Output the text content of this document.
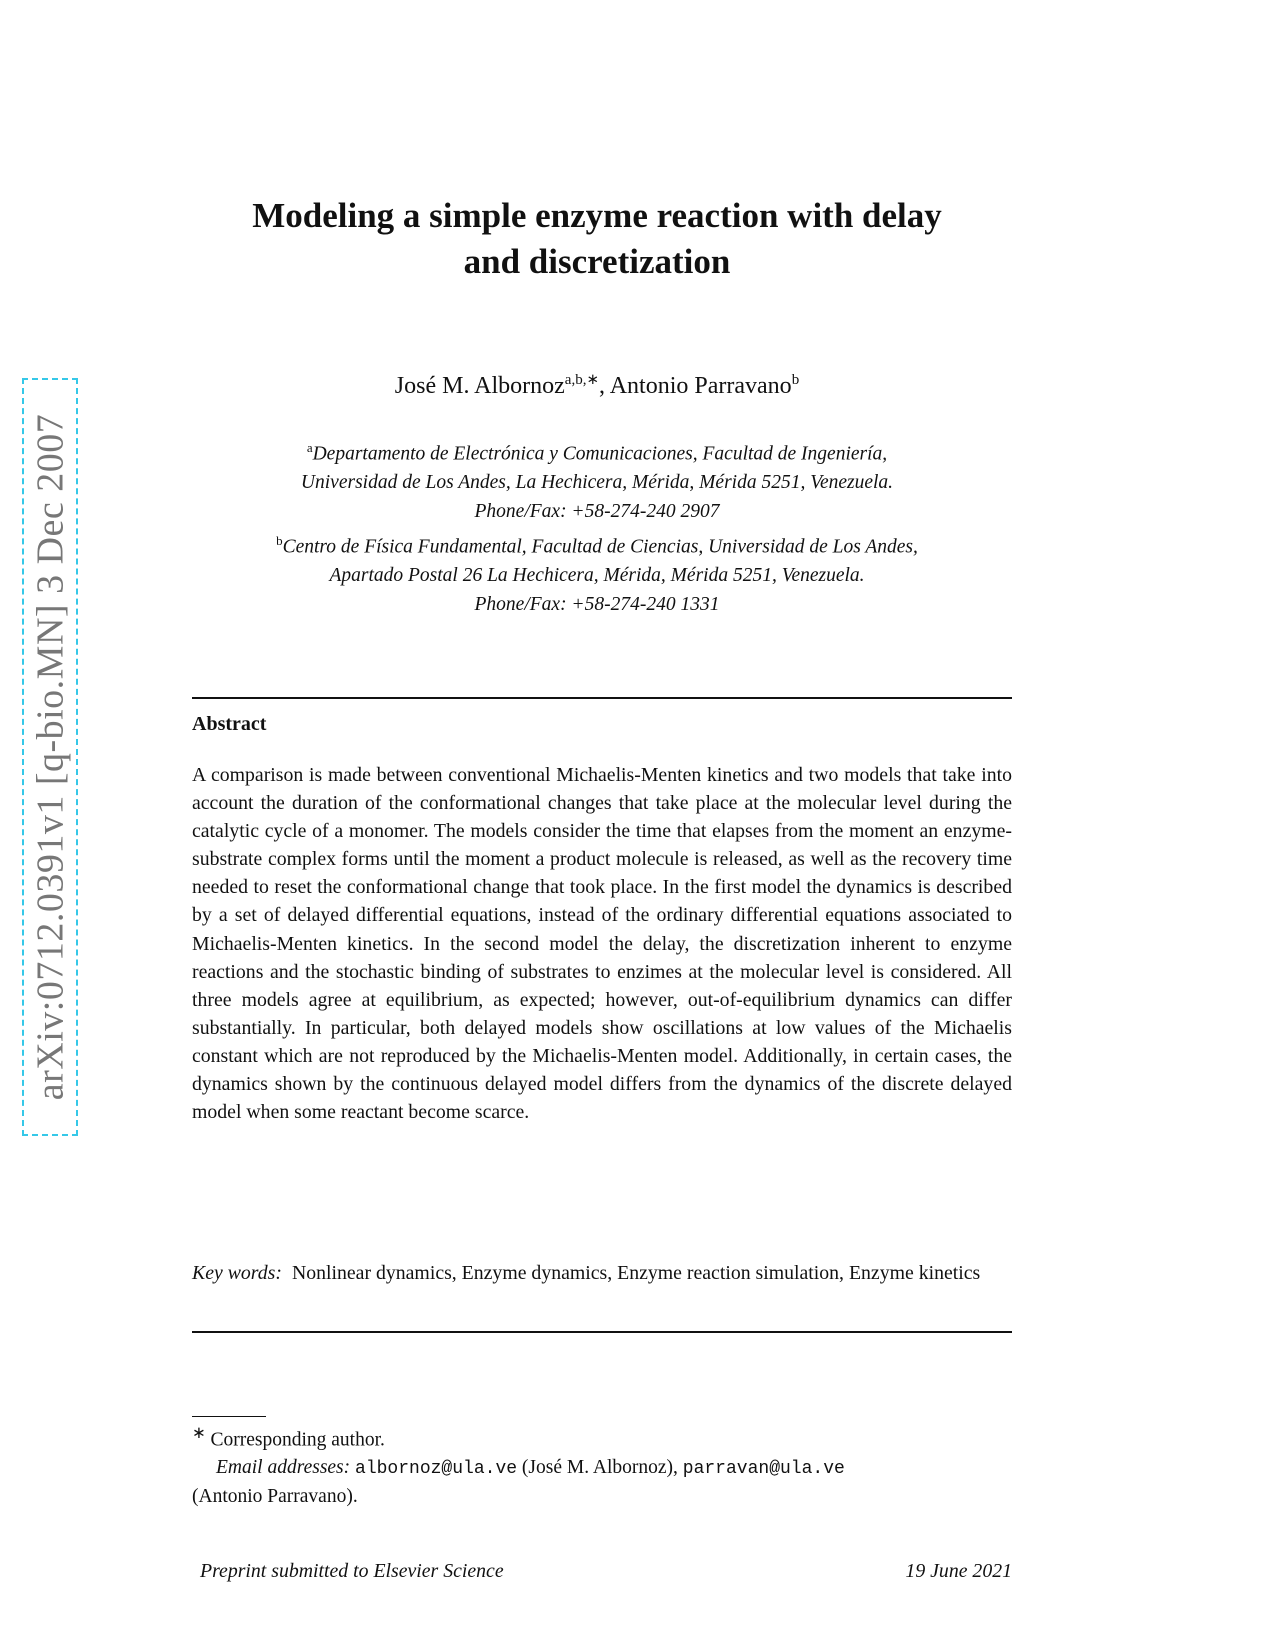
arXiv:0712.0391v1 [q-bio.MN] 3 Dec 2007
Modeling a simple enzyme reaction with delay
and discretization
José M. Albornoz$^{a,b,∗}$, Antonio Parravano$^b$
$^a$Departamento de Electrónica y Comunicaciones, Facultad de Ingeniería,
Universidad de Los Andes, La Hechicera, Mérida, Mérida 5251, Venezuela.
Phone/Fax: +58-274-240 2907
$^b$Centro de Física Fundamental, Facultad de Ciencias, Universidad de Los Andes,
Apartado Postal 26 La Hechicera, Mérida, Mérida 5251, Venezuela.
Phone/Fax: +58-274-240 1331
Abstract
A comparison is made between conventional Michaelis-Menten kinetics and two models that take into account the duration of the conformational changes that take place at the molecular level during the catalytic cycle of a monomer. The models consider the time that elapses from the moment an enzyme-substrate complex forms until the moment a product molecule is released, as well as the recovery time needed to reset the conformational change that took place. In the first model the dynamics is described by a set of delayed differential equations, instead of the ordinary differential equations associated to Michaelis-Menten kinetics. In the second model the delay, the discretization inherent to enzyme reactions and the stochastic binding of substrates to enzimes at the molecular level is considered. All three models agree at equilibrium, as expected; however, out-of-equilibrium dynamics can differ substantially. In particular, both delayed models show oscillations at low values of the Michaelis constant which are not reproduced by the Michaelis-Menten model. Additionally, in certain cases, the dynamics shown by the continuous delayed model differs from the dynamics of the discrete delayed model when some reactant become scarce.
Key words: Nonlinear dynamics, Enzyme dynamics, Enzyme reaction simulation, Enzyme kinetics
∗ Corresponding author.
Email addresses: albornoz@ula.ve (José M. Albornoz), parravan@ula.ve
(Antonio Parravano).
Preprint submitted to Elsevier Science	19 June 2021
